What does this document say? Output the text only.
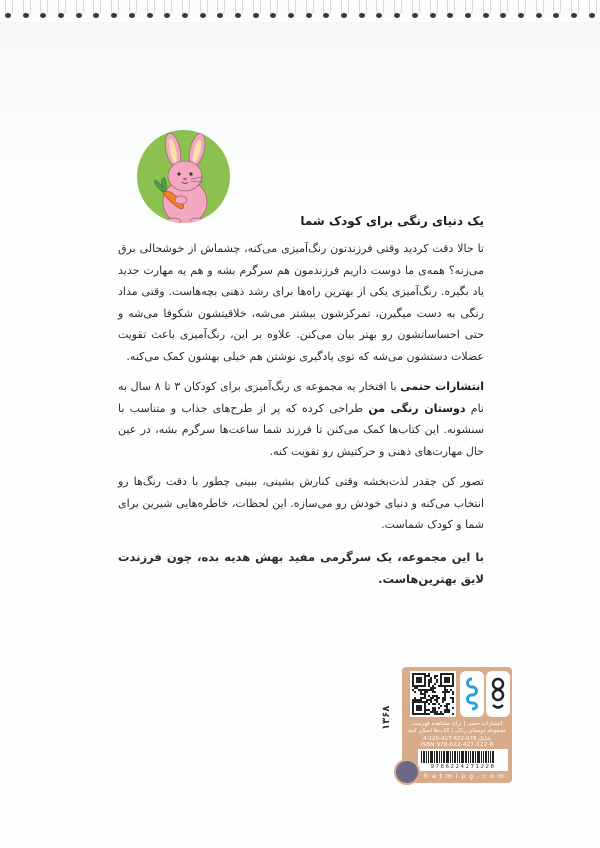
یک دنیای رنگی برای کودک شما

تا حالا دقت کردید وقتی فرزندتون رنگ‌آمیزی می‌کنه، چشماش از خوشحالی برق می‌زنه؟ همه‌ی ما دوست داریم فرزندمون هم سرگرم بشه و هم یه مهارت جدید یاد بگیره. رنگ‌آمیزی یکی از بهترین راه‌ها برای رشد ذهنی بچه‌هاست. وقتی مداد رنگی به دست میگیرن، تمرکزشون بیشتر می‌شه، خلاقیتشون شکوفا می‌شه و حتی احساساتشون رو بهتر بیان می‌کنن. علاوه بر این، رنگ‌آمیزی باعث تقویت عضلات دستشون می‌شه که توی یادگیری نوشتن هم خیلی بهشون کمک می‌کنه.

انتشارات حتمی با افتخار یه مجموعه ی رنگ‌آمیزی برای کودکان ۳ تا ۸ سال به نام دوستان رنگی من طراحی کرده که پر از طرح‌های جذاب و متناسب با سنشونه. این کتاب‌ها کمک می‌کنن تا فرزند شما ساعت‌ها سرگرم بشه، در عین حال مهارت‌های ذهنی و حرکتیش رو تقویت کنه.

تصور کن چقدر لذت‌بخشه وقتی کنارش بشینی، ببینی چطور با دقت رنگ‌ها رو انتخاب می‌کنه و دنیای خودش رو می‌سازه. این لحظات، خاطره‌هایی شیرین برای شما و کودک شماست.

با این مجموعه، یک سرگرمی مفید بهش هدیه بده، چون فرزندت لایق بهترین‌هاست.

انتشارات حتمی | برای مشاهده فهرست
مجموعه دوستان رنگی | کتاب‌ها اسکن کنید
شابک 978-622-427-120-4
ISBN 978-622-427-122-8
9786224271228
hatmipg.com
۱۳۶۸
